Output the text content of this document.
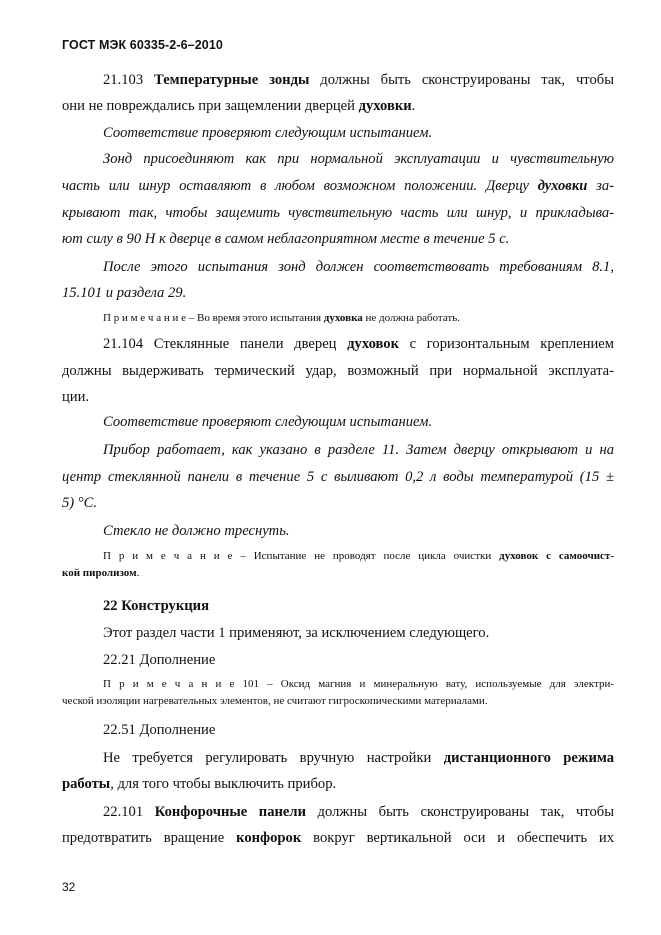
ГОСТ МЭК 60335-2-6–2010
21.103 Температурные зонды должны быть сконструированы так, чтобы
они не повреждались при защемлении дверцей духовки.
Соответствие проверяют следующим испытанием.
Зонд присоединяют как при нормальной эксплуатации и чувствительную
часть или шнур оставляют в любом возможном положении. Дверцу духовки за-
крывают так, чтобы защемить чувствительную часть или шнур, и прикладыва-
ют силу в 90 Н к дверце в самом неблагоприятном месте в течение 5 с.
После этого испытания зонд должен соответствовать требованиям 8.1,
15.101 и раздела 29.
П р и м е ч а н и е – Во время этого испытания духовка не должна работать.
21.104 Стеклянные панели дверец духовок с горизонтальным креплением
должны выдерживать термический удар, возможный при нормальной эксплуата-
ции.
Соответствие проверяют следующим испытанием.
Прибор работает, как указано в разделе 11. Затем дверцу открывают и на
центр стеклянной панели в течение 5 с выливают 0,2 л воды температурой (15 ±
5) °С.
Стекло не должно треснуть.
П р и м е ч а н и е – Испытание не проводят после цикла очистки духовок с самоочист-
кой пиролизом.
22 Конструкция
Этот раздел части 1 применяют, за исключением следующего.
22.21 Дополнение
П р и м е ч а н и е 101 – Оксид магния и минеральную вату, используемые для электри-
ческой изоляции нагревательных элементов, не считают гигроскопическими материалами.
22.51 Дополнение
Не требуется регулировать вручную настройки дистанционного режима
работы, для того чтобы выключить прибор.
22.101 Конфорочные панели должны быть сконструированы так, чтобы
предотвратить вращение конфорок вокруг вертикальной оси и обеспечить их
32
